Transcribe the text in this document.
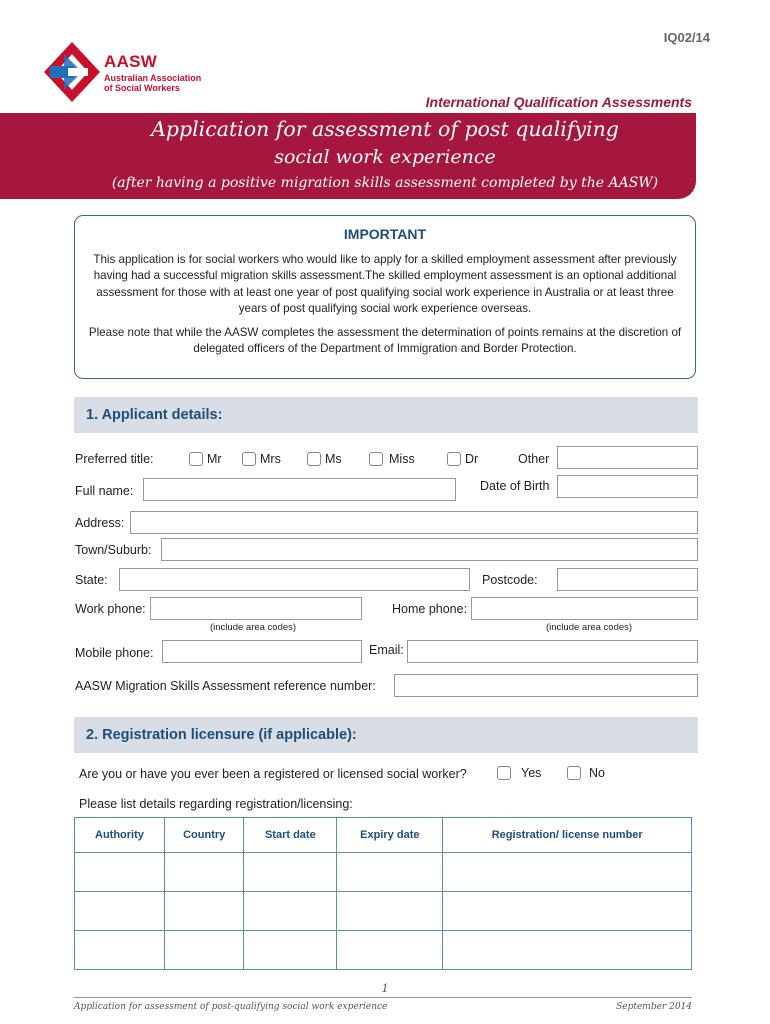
IQ02/14
AASW
Australian Association
of Social Workers
International Qualification Assessments
Application for assessment of post qualifying
social work experience
(after having a positive migration skills assessment completed by the AASW)
IMPORTANT
This application is for social workers who would like to apply for a skilled employment assessment after previously having had a successful migration skills assessment.The skilled employment assessment is an optional additional assessment for those with at least one year of post qualifying social work experience in Australia or at least three years of post qualifying social work experience overseas.
Please note that while the AASW completes the assessment the determination of points remains at the discretion of delegated officers of the Department of Immigration and Border Protection.
1. Applicant details:
Preferred title:	Mr	Mrs	Ms	Miss	Dr	Other
Full name:	Date of Birth
Address:
Town/Suburb:
State:	Postcode:
Work phone:	Home phone:
(include area codes)	(include area codes)
Mobile phone:	Email:
AASW Migration Skills Assessment reference number:
2. Registration licensure (if applicable):
Are you or have you ever been a registered or licensed social worker?	Yes	No
Please list details regarding registration/licensing:
Authority	Country	Start date	Expiry date	Registration/ license number

1
Application for assessment of post-qualifying social work experience	September 2014
